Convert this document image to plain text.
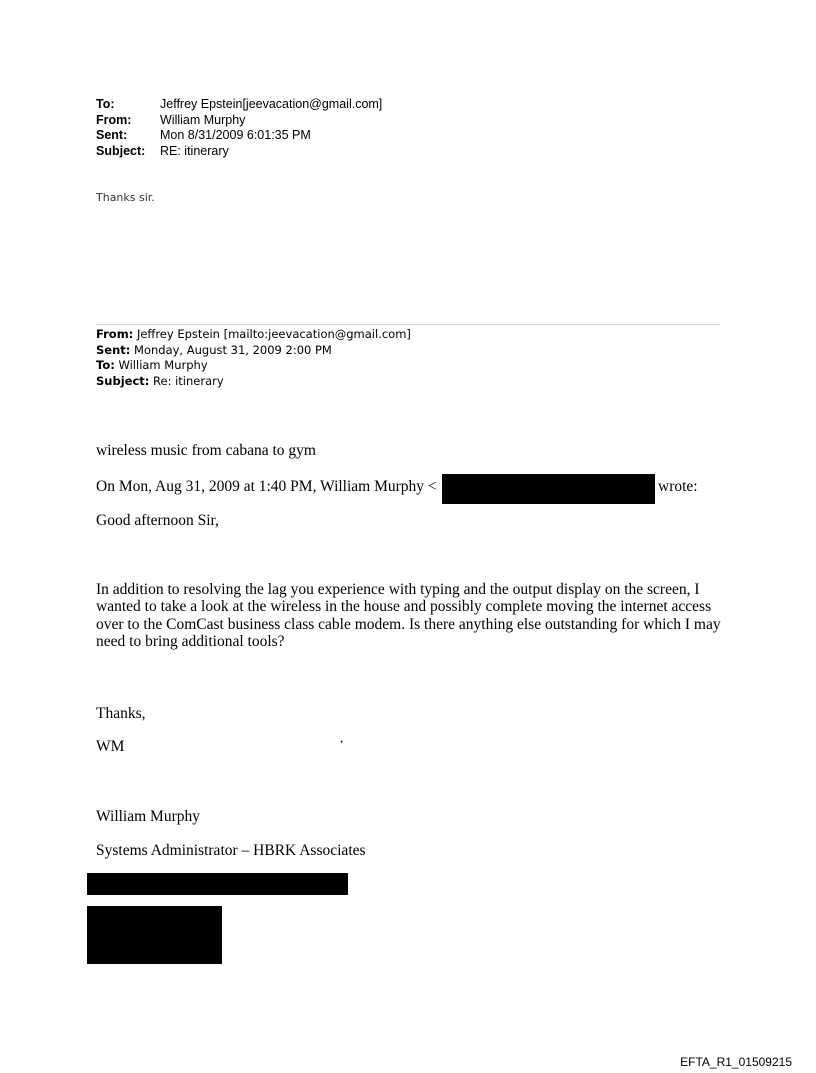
To:	Jeffrey Epstein[jeevacation@gmail.com]
From:	William Murphy
Sent:	Mon 8/31/2009 6:01:35 PM
Subject:	RE: itinerary
Thanks sir.
From: Jeffrey Epstein [mailto:jeevacation@gmail.com]
Sent: Monday, August 31, 2009 2:00 PM
To: William Murphy
Subject: Re: itinerary
wireless music from cabana to gym
On Mon, Aug 31, 2009 at 1:40 PM, William Murphy <	wrote:
Good afternoon Sir,
In addition to resolving the lag you experience with typing and the output display on the screen, I wanted to take a look at the wireless in the house and possibly complete moving the internet access over to the ComCast business class cable modem. Is there anything else outstanding for which I may need to bring additional tools?
Thanks,
WM	·
William Murphy
Systems Administrator – HBRK Associates
EFTA_R1_01509215
